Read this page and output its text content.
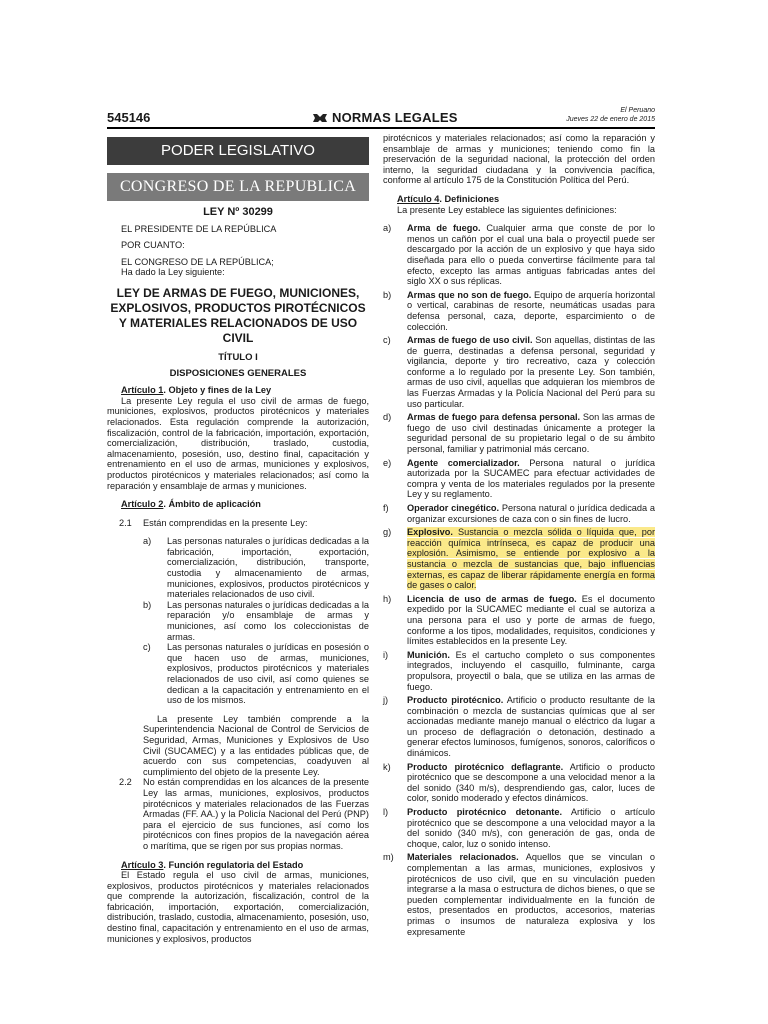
545146	NORMAS LEGALES	El Peruano
Jueves 22 de enero de 2015
PODER LEGISLATIVO
CONGRESO DE LA REPUBLICA
LEY Nº 30299

EL PRESIDENTE DE LA REPÚBLICA

POR CUANTO:

EL CONGRESO DE LA REPÚBLICA;

Ha dado la Ley siguiente:

LEY DE ARMAS DE FUEGO, MUNICIONES,
EXPLOSIVOS, PRODUCTOS PIROTÉCNICOS
Y MATERIALES RELACIONADOS DE USO CIVIL
TÍTULO I
DISPOSICIONES GENERALES

Artículo 1. Objeto y fines de la Ley

La presente Ley regula el uso civil de armas de fuego, municiones, explosivos, productos pirotécnicos y materiales relacionados. Esta regulación comprende la autorización, fiscalización, control de la fabricación, importación, exportación, comercialización, distribución, traslado, custodia, almacenamiento, posesión, uso, destino final, capacitación y entrenamiento en el uso de armas, municiones y explosivos, productos pirotécnicos y materiales relacionados; así como la reparación y ensamblaje de armas y municiones.

Artículo 2. Ámbito de aplicación

2.1	Están comprendidas en la presente Ley:
a)	Las personas naturales o jurídicas dedicadas a la fabricación, importación, exportación, comercialización, distribución, transporte, custodia y almacenamiento de armas, municiones, explosivos, productos pirotécnicos y materiales relacionados de uso civil.
b)	Las personas naturales o jurídicas dedicadas a la reparación y/o ensamblaje de armas y municiones, así como los coleccionistas de armas.
c)	Las personas naturales o jurídicas en posesión o que hacen uso de armas, municiones, explosivos, productos pirotécnicos y materiales relacionados de uso civil, así como quienes se dedican a la capacitación y entrenamiento en el uso de los mismos.

La presente Ley también comprende a la Superintendencia Nacional de Control de Servicios de Seguridad, Armas, Municiones y Explosivos de Uso Civil (SUCAMEC) y a las entidades públicas que, de acuerdo con sus competencias, coadyuven al cumplimiento del objeto de la presente Ley.

2.2	No están comprendidas en los alcances de la presente Ley las armas, municiones, explosivos, productos pirotécnicos y materiales relacionados de las Fuerzas Armadas (FF. AA.) y la Policía Nacional del Perú (PNP) para el ejercicio de sus funciones, así como los pirotécnicos con fines propios de la navegación aérea o marítima, que se rigen por sus propias normas.

Artículo 3. Función regulatoria del Estado

El Estado regula el uso civil de armas, municiones, explosivos, productos pirotécnicos y materiales relacionados que comprende la autorización, fiscalización, control de la fabricación, importación, exportación, comercialización, distribución, traslado, custodia, almacenamiento, posesión, uso, destino final, capacitación y entrenamiento en el uso de armas, municiones y explosivos, productos

pirotécnicos y materiales relacionados; así como la reparación y ensamblaje de armas y municiones; teniendo como fin la preservación de la seguridad nacional, la protección del orden interno, la seguridad ciudadana y la convivencia pacífica, conforme al artículo 175 de la Constitución Política del Perú.

Artículo 4. Definiciones

La presente Ley establece las siguientes definiciones:

a)	Arma de fuego. Cualquier arma que conste de por lo menos un cañón por el cual una bala o proyectil puede ser descargado por la acción de un explosivo y que haya sido diseñada para ello o pueda convertirse fácilmente para tal efecto, excepto las armas antiguas fabricadas antes del siglo XX o sus réplicas.
b)	Armas que no son de fuego. Equipo de arquería horizontal o vertical, carabinas de resorte, neumáticas usadas para defensa personal, caza, deporte, esparcimiento o de colección.
c)	Armas de fuego de uso civil. Son aquellas, distintas de las de guerra, destinadas a defensa personal, seguridad y vigilancia, deporte y tiro recreativo, caza y colección conforme a lo regulado por la presente Ley. Son también, armas de uso civil, aquellas que adquieran los miembros de las Fuerzas Armadas y la Policía Nacional del Perú para su uso particular.
d)	Armas de fuego para defensa personal. Son las armas de fuego de uso civil destinadas únicamente a proteger la seguridad personal de su propietario legal o de su ámbito personal, familiar y patrimonial más cercano.
e)	Agente comercializador. Persona natural o jurídica autorizada por la SUCAMEC para efectuar actividades de compra y venta de los materiales regulados por la presente Ley y su reglamento.
f)	Operador cinegético. Persona natural o jurídica dedicada a organizar excursiones de caza con o sin fines de lucro.
g)	Explosivo. Sustancia o mezcla sólida o líquida que, por reacción química intrínseca, es capaz de producir una explosión. Asimismo, se entiende por explosivo a la sustancia o mezcla de sustancias que, bajo influencias externas, es capaz de liberar rápidamente energía en forma de gases o calor.
h)	Licencia de uso de armas de fuego. Es el documento expedido por la SUCAMEC mediante el cual se autoriza a una persona para el uso y porte de armas de fuego, conforme a los tipos, modalidades, requisitos, condiciones y límites establecidos en la presente Ley.
i)	Munición. Es el cartucho completo o sus componentes integrados, incluyendo el casquillo, fulminante, carga propulsora, proyectil o bala, que se utiliza en las armas de fuego.
j)	Producto pirotécnico. Artificio o producto resultante de la combinación o mezcla de sustancias químicas que al ser accionadas mediante manejo manual o eléctrico da lugar a un proceso de deflagración o detonación, destinado a generar efectos luminosos, fumígenos, sonoros, caloríficos o dinámicos.
k)	Producto pirotécnico deflagrante. Artificio o producto pirotécnico que se descompone a una velocidad menor a la del sonido (340 m/s), desprendiendo gas, calor, luces de color, sonido moderado y efectos dinámicos.
l)	Producto pirotécnico detonante. Artificio o artículo pirotécnico que se descompone a una velocidad mayor a la del sonido (340 m/s), con generación de gas, onda de choque, calor, luz o sonido intenso.
m)	Materiales relacionados. Aquellos que se vinculan o complementan a las armas, municiones, explosivos y pirotécnicos de uso civil, que en su vinculación pueden integrarse a la masa o estructura de dichos bienes, o que se pueden complementar individualmente en la función de estos, presentados en productos, accesorios, materias primas o insumos de naturaleza explosiva y los expresamente
